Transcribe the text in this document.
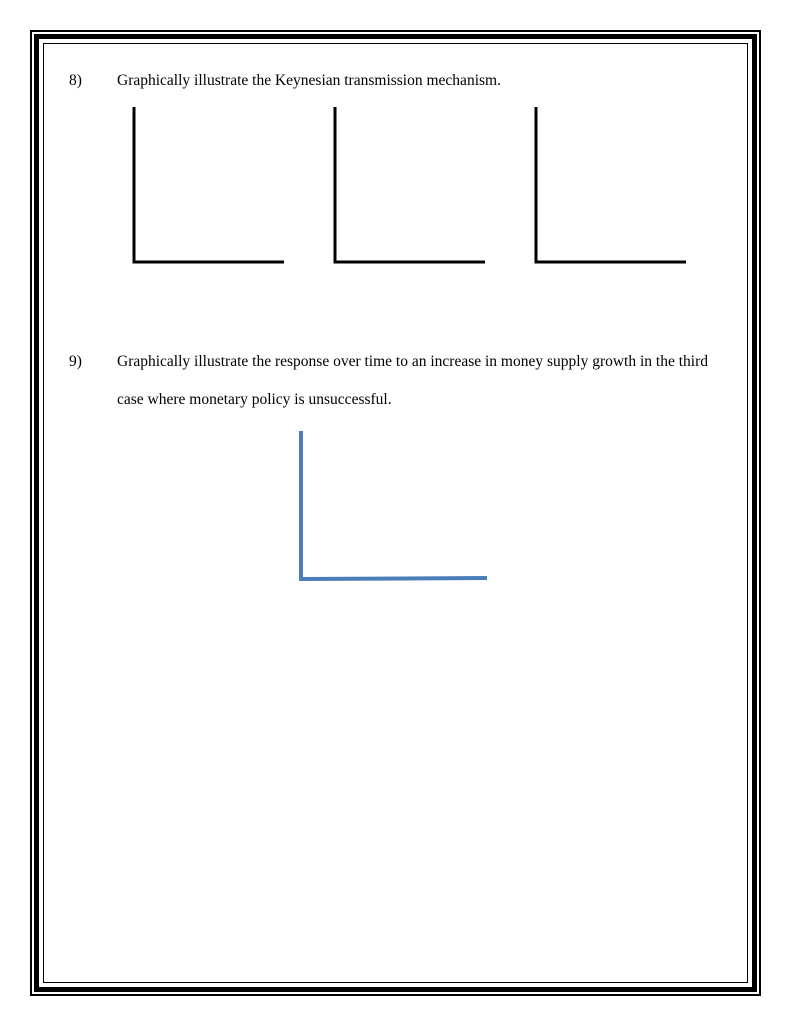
8) Graphically illustrate the Keynesian transmission mechanism.
9) Graphically illustrate the response over time to an increase in money supply growth in the third
case where monetary policy is unsuccessful.
